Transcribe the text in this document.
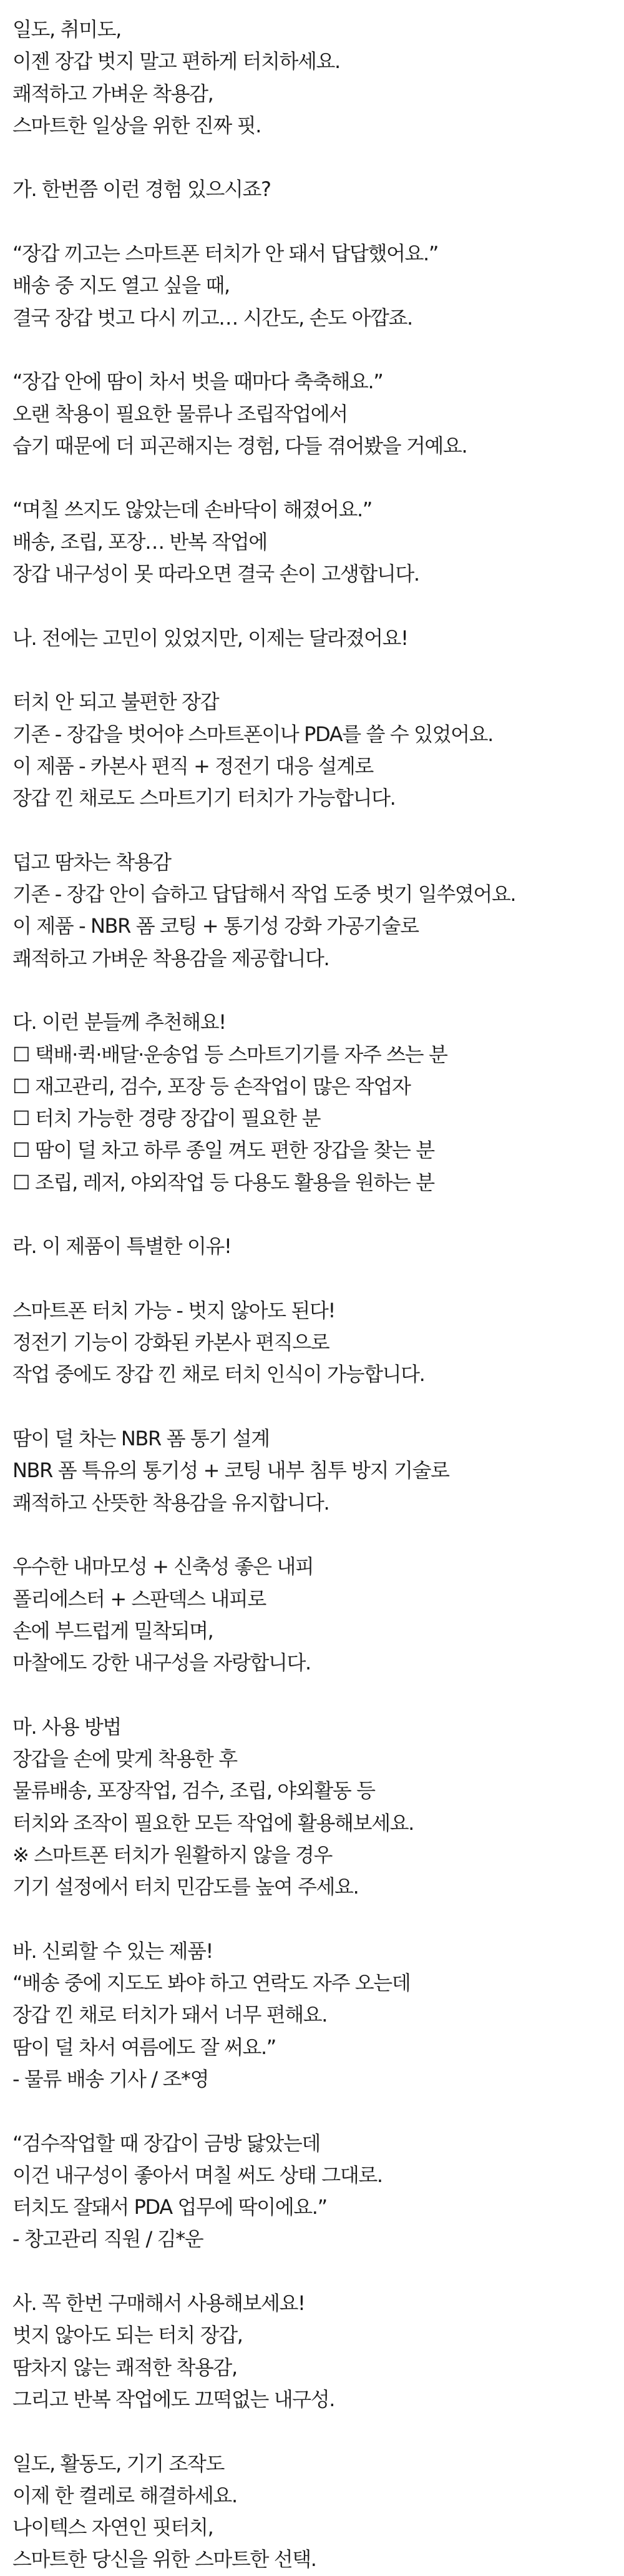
일도, 취미도,
이젠 장갑 벗지 말고 편하게 터치하세요.
쾌적하고 가벼운 착용감,
스마트한 일상을 위한 진짜 핏.
가. 한번쯤 이런 경험 있으시죠?
“장갑 끼고는 스마트폰 터치가 안 돼서 답답했어요.”
배송 중 지도 열고 싶을 때,
결국 장갑 벗고 다시 끼고… 시간도, 손도 아깝죠.
“장갑 안에 땀이 차서 벗을 때마다 축축해요.”
오랜 착용이 필요한 물류나 조립작업에서
습기 때문에 더 피곤해지는 경험, 다들 겪어봤을 거예요.
“며칠 쓰지도 않았는데 손바닥이 해졌어요.”
배송, 조립, 포장… 반복 작업에
장갑 내구성이 못 따라오면 결국 손이 고생합니다.
나. 전에는 고민이 있었지만, 이제는 달라졌어요!
터치 안 되고 불편한 장갑
기존 - 장갑을 벗어야 스마트폰이나 PDA를 쓸 수 있었어요.
이 제품 - 카본사 편직 + 정전기 대응 설계로
장갑 낀 채로도 스마트기기 터치가 가능합니다.
덥고 땀차는 착용감
기존 - 장갑 안이 습하고 답답해서 작업 도중 벗기 일쑤였어요.
이 제품 - NBR 폼 코팅 + 통기성 강화 가공기술로
쾌적하고 가벼운 착용감을 제공합니다.
다. 이런 분들께 추천해요!
☐ 택배·퀵·배달·운송업 등 스마트기기를 자주 쓰는 분
☐ 재고관리, 검수, 포장 등 손작업이 많은 작업자
☐ 터치 가능한 경량 장갑이 필요한 분
☐ 땀이 덜 차고 하루 종일 껴도 편한 장갑을 찾는 분
☐ 조립, 레저, 야외작업 등 다용도 활용을 원하는 분
라. 이 제품이 특별한 이유!
스마트폰 터치 가능 - 벗지 않아도 된다!
정전기 기능이 강화된 카본사 편직으로
작업 중에도 장갑 낀 채로 터치 인식이 가능합니다.
땀이 덜 차는 NBR 폼 통기 설계
NBR 폼 특유의 통기성 + 코팅 내부 침투 방지 기술로
쾌적하고 산뜻한 착용감을 유지합니다.
우수한 내마모성 + 신축성 좋은 내피
폴리에스터 + 스판덱스 내피로
손에 부드럽게 밀착되며,
마찰에도 강한 내구성을 자랑합니다.
마. 사용 방법
장갑을 손에 맞게 착용한 후
물류배송, 포장작업, 검수, 조립, 야외활동 등
터치와 조작이 필요한 모든 작업에 활용해보세요.
※ 스마트폰 터치가 원활하지 않을 경우
기기 설정에서 터치 민감도를 높여 주세요.
바. 신뢰할 수 있는 제품!
“배송 중에 지도도 봐야 하고 연락도 자주 오는데
장갑 낀 채로 터치가 돼서 너무 편해요.
땀이 덜 차서 여름에도 잘 써요.”
- 물류 배송 기사 / 조*영
“검수작업할 때 장갑이 금방 닳았는데
이건 내구성이 좋아서 며칠 써도 상태 그대로.
터치도 잘돼서 PDA 업무에 딱이에요.”
- 창고관리 직원 / 김*운
사. 꼭 한번 구매해서 사용해보세요!
벗지 않아도 되는 터치 장갑,
땀차지 않는 쾌적한 착용감,
그리고 반복 작업에도 끄떡없는 내구성.
일도, 활동도, 기기 조작도
이제 한 켤레로 해결하세요.
나이텍스 자연인 핏터치,
스마트한 당신을 위한 스마트한 선택.
